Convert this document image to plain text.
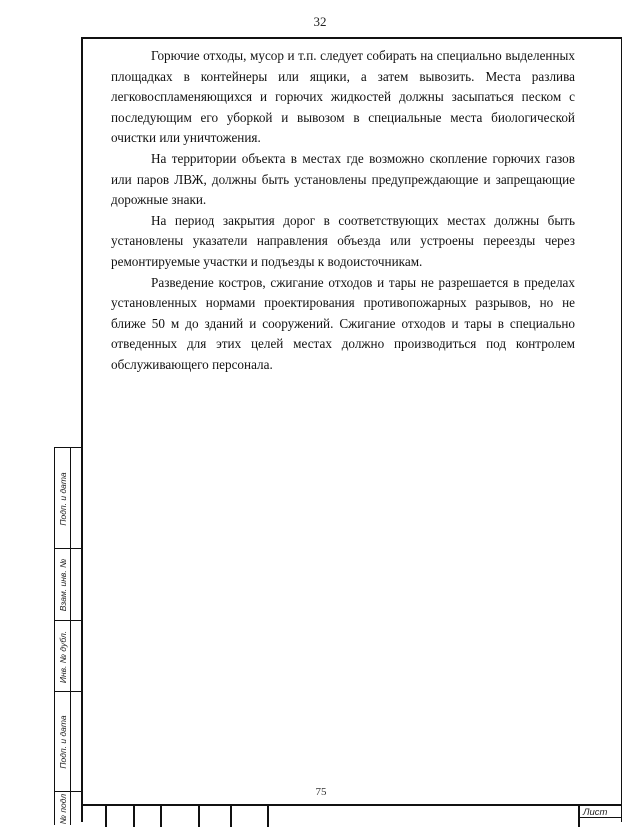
32

Горючие отходы, мусор и т.п. следует собирать на специально выделенных площадках в контейнеры или ящики, а затем вывозить. Места разлива легковоспламеняющихся и горючих жидкостей должны засыпаться песком с последующим его уборкой и вывозом в специальные места биологической очистки или уничтожения.

На территории объекта в местах где возможно скопление горючих газов или паров ЛВЖ, должны быть установлены предупреждающие и запрещающие дорожные знаки.

На период закрытия дорог в соответствующих местах должны быть установлены указатели направления объезда или устроены переезды через ремонтируемые участки и подъезды к водоисточникам.

Разведение костров, сжигание отходов и тары не разрешается в пределах установленных нормами проектирования противопожарных разрывов, но не ближе 50 м до зданий и сооружений. Сжигание отходов и тары в специально отведенных для этих целей местах должно производиться под контролем обслуживающего персонала.

Подп. и дата
Взам. инв. №
Инв. № дубл.
Подп. и дата
№ подл
75
Лист
